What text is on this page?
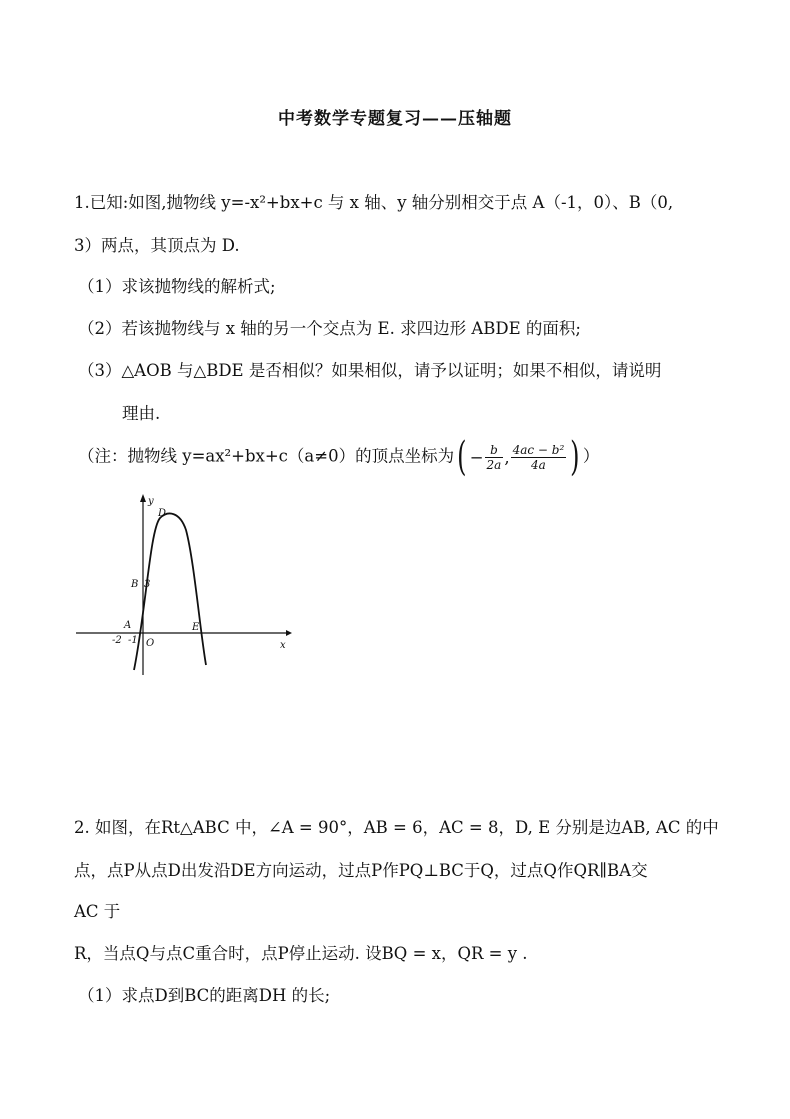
中考数学专题复习——压轴题
1.已知:如图,抛物线 y=-x²+bx+c 与 x 轴、y 轴分别相交于点 A（-1，0）、B（0,
3）两点，其顶点为 D.
（1）求该抛物线的解析式;
（2）若该抛物线与 x 轴的另一个交点为 E. 求四边形 ABDE 的面积;
（3）△AOB 与△BDE 是否相似？如果相似，请予以证明；如果不相似，请说明
理由.
（注：抛物线 y=ax²+bx+c（a≠0）的顶点坐标为 ( − $\frac{b}{2a}$ , $\frac{\text{4ac − b²}}{4a}$ ) ）
y
x
D
B 3
A	E
-2 -1 O
2. 如图，在Rt△ABC 中，∠A = 90°，AB = 6，AC = 8，D, E 分别是边AB, AC 的中
点，点P从点D出发沿DE方向运动，过点P作PQ⊥BC于Q，过点Q作QR∥BA交
AC 于
R，当点Q与点C重合时，点P停止运动. 设BQ = x，QR = y .
（1）求点D到BC的距离DH 的长;
